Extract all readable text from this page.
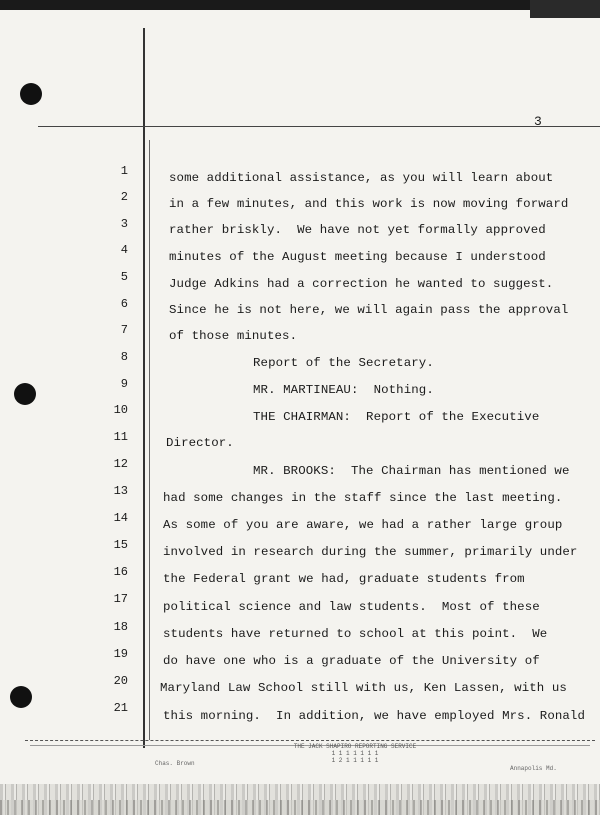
3
1
2
3
4
5
6
7
8
9
10
11
12
13
14
15
16
17
18
19
20
21
some additional assistance, as you will learn about
in a few minutes, and this work is now moving forward
rather briskly.  We have not yet formally approved
minutes of the August meeting because I understood
Judge Adkins had a correction he wanted to suggest.
Since he is not here, we will again pass the approval
of those minutes.
Report of the Secretary.
MR. MARTINEAU:  Nothing.
THE CHAIRMAN:  Report of the Executive
Director.
MR. BROOKS:  The Chairman has mentioned we
had some changes in the staff since the last meeting.
As some of you are aware, we had a rather large group
involved in research during the summer, primarily under
the Federal grant we had, graduate students from
political science and law students.  Most of these
students have returned to school at this point.  We
do have one who is a graduate of the University of
Maryland Law School still with us, Ken Lassen, with us
this morning.  In addition, we have employed Mrs. Ronald
THE JACK SHAPIRO REPORTING SERVICE
1 1 1 1 1 1 1
1 2 1 1 1 1 1
Chas. Brown
Annapolis Md.
